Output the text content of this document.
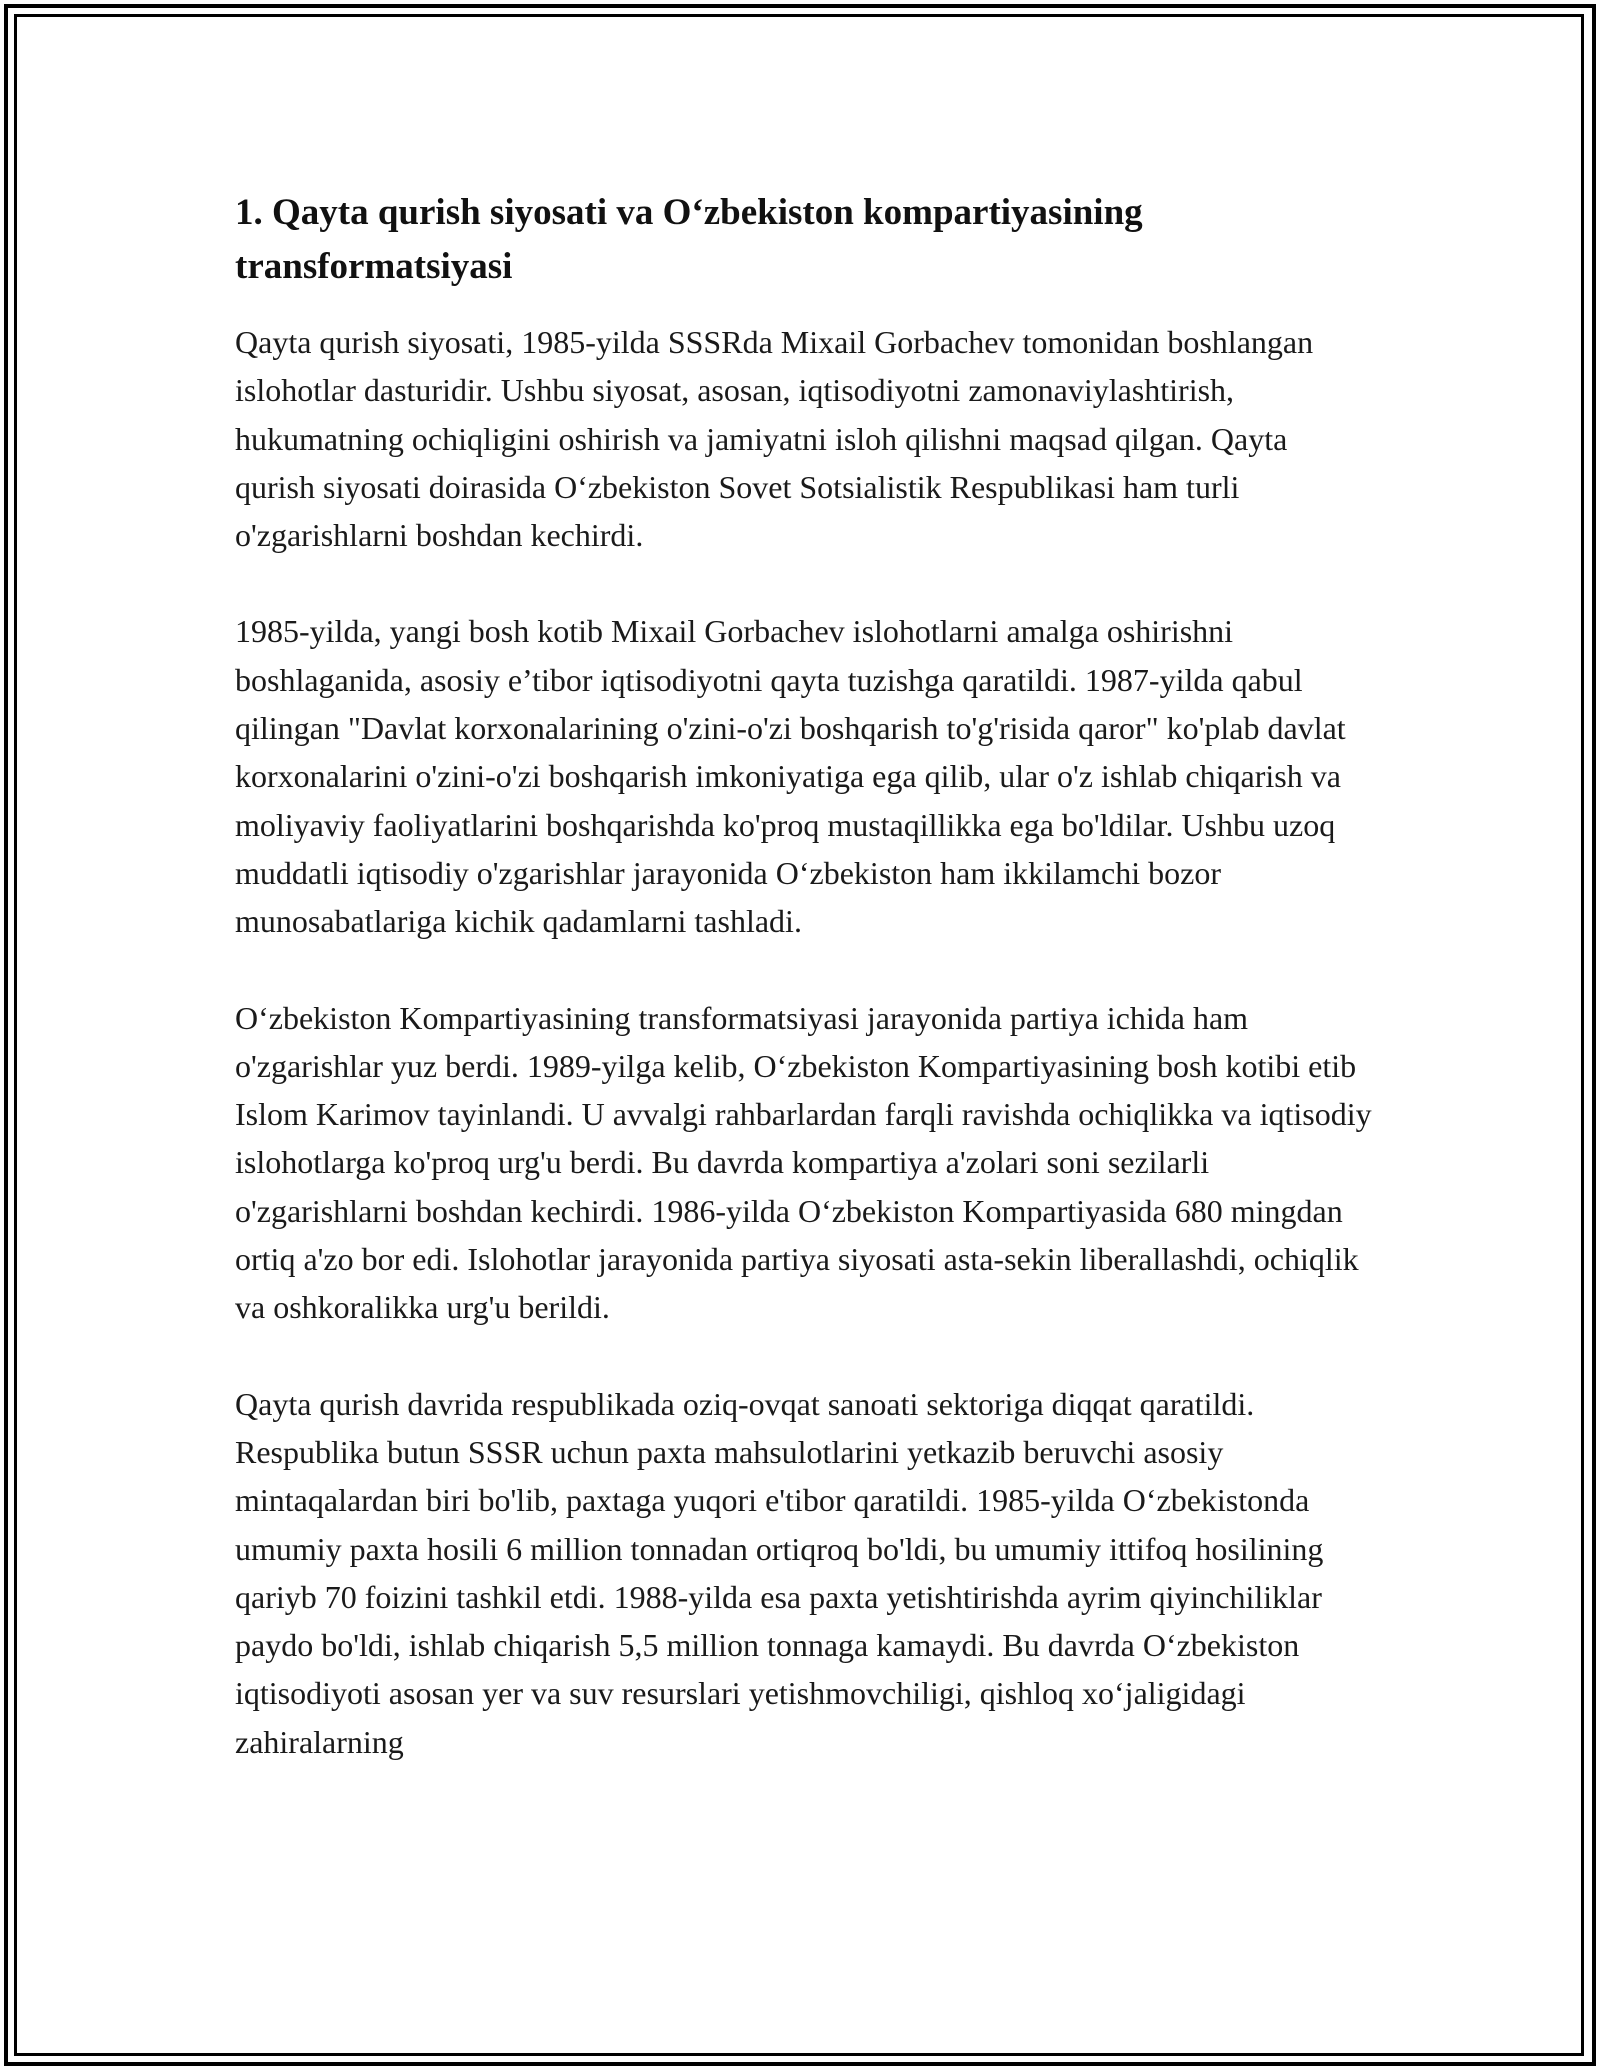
1. Qayta qurish siyosati va O‘zbekiston kompartiyasining transformatsiyasi

Qayta qurish siyosati, 1985-yilda SSSRda Mixail Gorbachev tomonidan boshlangan islohotlar dasturidir. Ushbu siyosat, asosan, iqtisodiyotni zamonaviylashtirish, hukumatning ochiqligini oshirish va jamiyatni isloh qilishni maqsad qilgan. Qayta qurish siyosati doirasida O‘zbekiston Sovet Sotsialistik Respublikasi ham turli o'zgarishlarni boshdan kechirdi.

1985-yilda, yangi bosh kotib Mixail Gorbachev islohotlarni amalga oshirishni boshlaganida, asosiy e’tibor iqtisodiyotni qayta tuzishga qaratildi. 1987-yilda qabul qilingan "Davlat korxonalarining o'zini-o'zi boshqarish to'g'risida qaror" ko'plab davlat korxonalarini o'zini-o'zi boshqarish imkoniyatiga ega qilib, ular o'z ishlab chiqarish va moliyaviy faoliyatlarini boshqarishda ko'proq mustaqillikka ega bo'ldilar. Ushbu uzoq muddatli iqtisodiy o'zgarishlar jarayonida O‘zbekiston ham ikkilamchi bozor munosabatlariga kichik qadamlarni tashladi.

O‘zbekiston Kompartiyasining transformatsiyasi jarayonida partiya ichida ham o'zgarishlar yuz berdi. 1989-yilga kelib, O‘zbekiston Kompartiyasining bosh kotibi etib Islom Karimov tayinlandi. U avvalgi rahbarlardan farqli ravishda ochiqlikka va iqtisodiy islohotlarga ko'proq urg'u berdi. Bu davrda kompartiya a'zolari soni sezilarli o'zgarishlarni boshdan kechirdi. 1986-yilda O‘zbekiston Kompartiyasida 680 mingdan ortiq a'zo bor edi. Islohotlar jarayonida partiya siyosati asta-sekin liberallashdi, ochiqlik va oshkoralikka urg'u berildi.

Qayta qurish davrida respublikada oziq-ovqat sanoati sektoriga diqqat qaratildi. Respublika butun SSSR uchun paxta mahsulotlarini yetkazib beruvchi asosiy mintaqalardan biri bo'lib, paxtaga yuqori e'tibor qaratildi. 1985-yilda O‘zbekistonda umumiy paxta hosili 6 million tonnadan ortiqroq bo'ldi, bu umumiy ittifoq hosilining qariyb 70 foizini tashkil etdi. 1988-yilda esa paxta yetishtirishda ayrim qiyinchiliklar paydo bo'ldi, ishlab chiqarish 5,5 million tonnaga kamaydi. Bu davrda O‘zbekiston iqtisodiyoti asosan yer va suv resurslari yetishmovchiligi, qishloq xo‘jaligidagi zahiralarning
